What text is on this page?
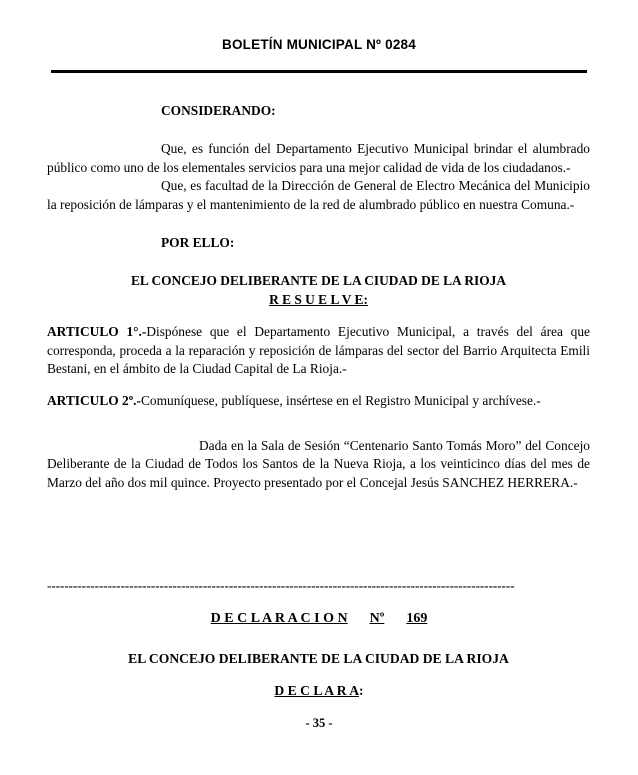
BOLETÍN MUNICIPAL Nº 0284

CONSIDERANDO:

Que, es función del Departamento Ejecutivo Municipal brindar el alumbrado público como uno de los elementales servicios para una mejor calidad de vida de los ciudadanos.-

Que, es facultad de la Dirección de General de Electro Mecánica del Municipio la reposición de lámparas y el mantenimiento de la red de alumbrado público en nuestra Comuna.-

POR ELLO:

EL CONCEJO DELIBERANTE DE LA CIUDAD DE LA RIOJA

R E S U E L V E:

ARTICULO 1°.-Dispónese que el Departamento Ejecutivo Municipal, a través del área que corresponda, proceda a la reparación y reposición de lámparas del sector del Barrio Arquitecta Emili Bestani, en el ámbito de la Ciudad Capital de La Rioja.-

ARTICULO 2º.-Comuníquese, publíquese, insértese en el Registro Municipal y archívese.-

Dada en la Sala de Sesión “Centenario Santo Tomás Moro” del Concejo Deliberante de la Ciudad de Todos los Santos de la Nueva Rioja, a los veinticinco días del mes de Marzo del año dos mil quince. Proyecto presentado por el Concejal Jesús SANCHEZ HERRERA.-

------------------------------------------------------------------------------------------------------------
D E C L A R A C I O N Nº 169
EL CONCEJO DELIBERANTE DE LA CIUDAD DE LA RIOJA
D E C L A R A:
- 35 -
